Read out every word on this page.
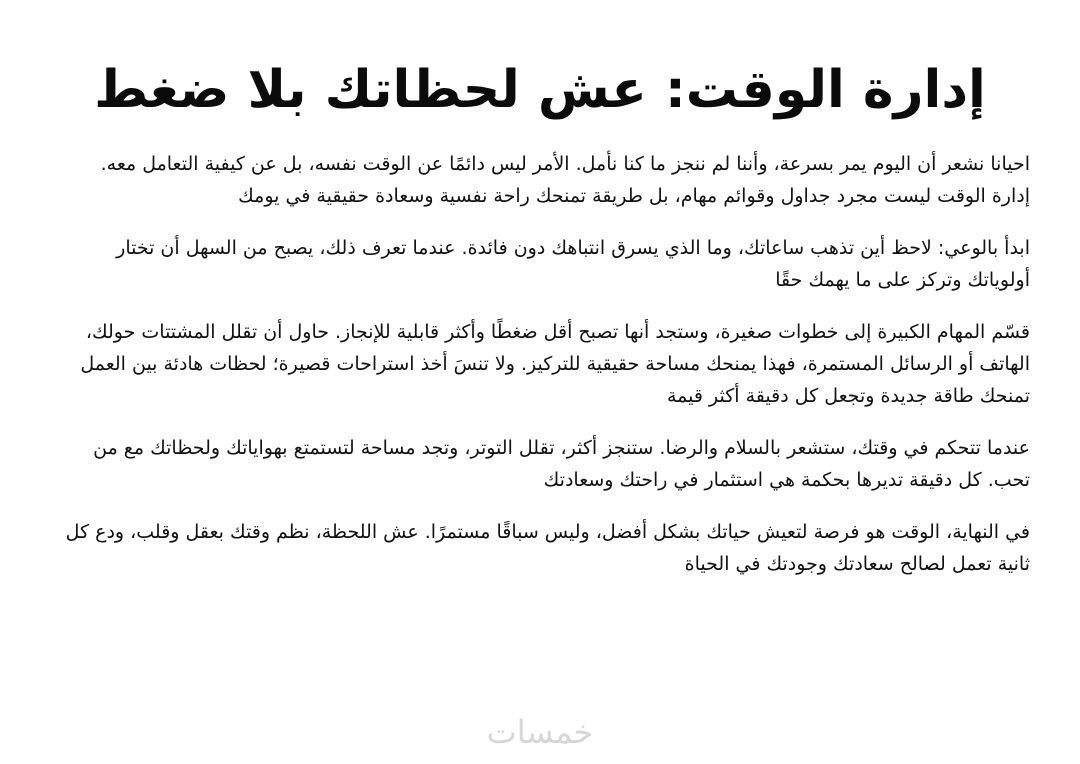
إدارة الوقت: عش لحظاتك بلا ضغط

احيانا نشعر أن اليوم يمر بسرعة، وأننا لم ننجز ما كنا نأمل. الأمر ليس دائمًا عن الوقت نفسه، بل عن كيفية التعامل معه. إدارة الوقت ليست مجرد جداول وقوائم مهام، بل طريقة تمنحك راحة نفسية وسعادة حقيقية في يومك

ابدأ بالوعي: لاحظ أين تذهب ساعاتك، وما الذي يسرق انتباهك دون فائدة. عندما تعرف ذلك، يصبح من السهل أن تختار أولوياتك وتركز على ما يهمك حقًا

قسّم المهام الكبيرة إلى خطوات صغيرة، وستجد أنها تصبح أقل ضغطًا وأكثر قابلية للإنجاز. حاول أن تقلل المشتتات حولك، الهاتف أو الرسائل المستمرة، فهذا يمنحك مساحة حقيقية للتركيز. ولا تنسَ أخذ استراحات قصيرة؛ لحظات هادئة بين العمل تمنحك طاقة جديدة وتجعل كل دقيقة أكثر قيمة

عندما تتحكم في وقتك، ستشعر بالسلام والرضا. ستنجز أكثر، تقلل التوتر، وتجد مساحة لتستمتع بهواياتك ولحظاتك مع من تحب. كل دقيقة تديرها بحكمة هي استثمار في راحتك وسعادتك

في النهاية، الوقت هو فرصة لتعيش حياتك بشكل أفضل، وليس سباقًا مستمرًا. عش اللحظة، نظم وقتك بعقل وقلب، ودع كل ثانية تعمل لصالح سعادتك وجودتك في الحياة

خمسات
